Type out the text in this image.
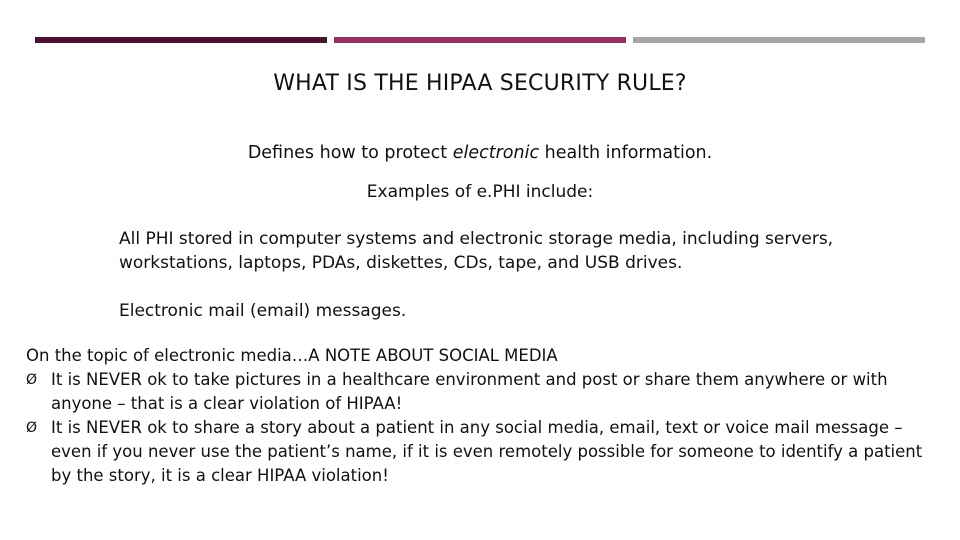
WHAT IS THE HIPAA SECURITY RULE?
Defines how to protect electronic health information.
Examples of e.PHI include:
All PHI stored in computer systems and electronic storage media, including servers, workstations, laptops, PDAs, diskettes, CDs, tape, and USB drives.
Electronic mail (email) messages.
On the topic of electronic media…A NOTE ABOUT SOCIAL MEDIA
Ø It is NEVER ok to take pictures in a healthcare environment and post or share them anywhere or with anyone – that is a clear violation of HIPAA!
Ø It is NEVER ok to share a story about a patient in any social media, email, text or voice mail message – even if you never use the patient’s name, if it is even remotely possible for someone to identify a patient by the story, it is a clear HIPAA violation!
